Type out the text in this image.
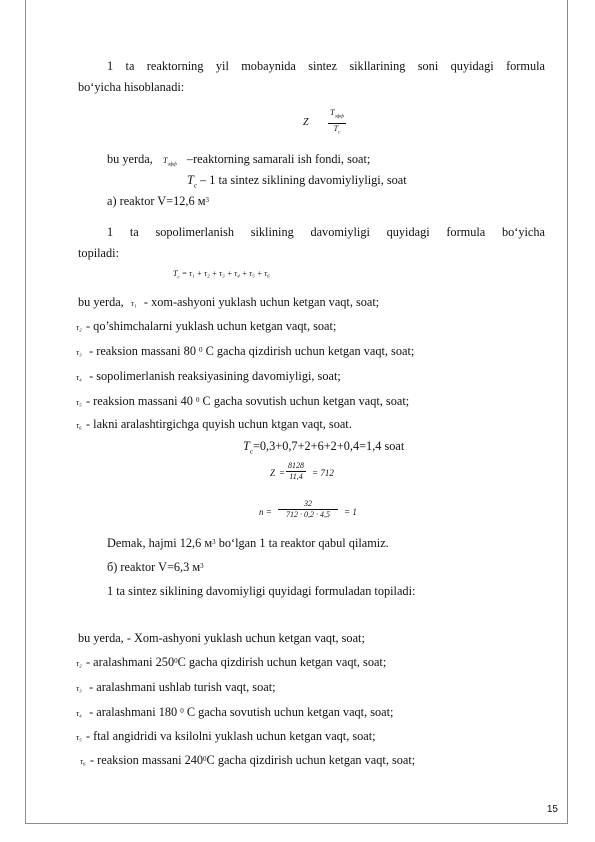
1 ta reaktorning yil mobaynida sintez sikllarining soni quyidagi formula
bo‘yicha hisoblanadi:
Z
$T_{эфф}$
$T_c$
bu yerda, $T_{эфф}$ –reaktorning samarali ish fondi, soat;
$T_c - 1$ ta sintez siklining davomiyliyligi, soat
a) reaktor V=12,6 $м^3$
1 ta sopolimerlanish siklining davomiyligi quyidagi formula bo‘yicha
topiladi:
$T_c = \tau_1 + \tau_2 + \tau_3 + \tau_4 + \tau_5 + \tau_6$
bu yerda, τ₁ - xom-ashyoni yuklash uchun ketgan vaqt, soat;
τ₂ - qo’shimchalarni yuklash uchun ketgan vaqt, soat;
τ₃ - reaksion massani 80 $^0$ C gacha qizdirish uchun ketgan vaqt, soat;
τ₄ - sopolimerlanish reaksiyasining davomiyligi, soat;
τ₅ - reaksion massani 40 $^0$ C gacha sovutish uchun ketgan vaqt, soat;
τ₆ - lakni aralashtirgichga quyish uchun ktgan vaqt, soat.
$T_c=0,3+0,7+2+6+2+0,4=1,4$ soat
Z =
8128
11,4 = 712
n =
32
712 · 0,2 · 4,5 = 1
Demak, hajmi 12,6 $м^3$ bo‘lgan 1 ta reaktor qabul qilamiz.
б) reaktor V=6,3 $м^3$
1 ta sintez siklining davomiyligi quyidagi formuladan topiladi:
bu yerda, - Xom-ashyoni yuklash uchun ketgan vaqt, soat;
τ₂ - aralashmani $250^0C$ gacha qizdirish uchun ketgan vaqt, soat;
τ₃ - aralashmani ushlab turish vaqt, soat;
τ₄ - aralashmani 180 $^0$ C gacha sovutish uchun ketgan vaqt, soat;
τ₅ - ftal angidridi va ksilolni yuklash uchun ketgan vaqt, soat;
τ₆ - reaksion massani $240^0C$ gacha qizdirish uchun ketgan vaqt, soat;
15
